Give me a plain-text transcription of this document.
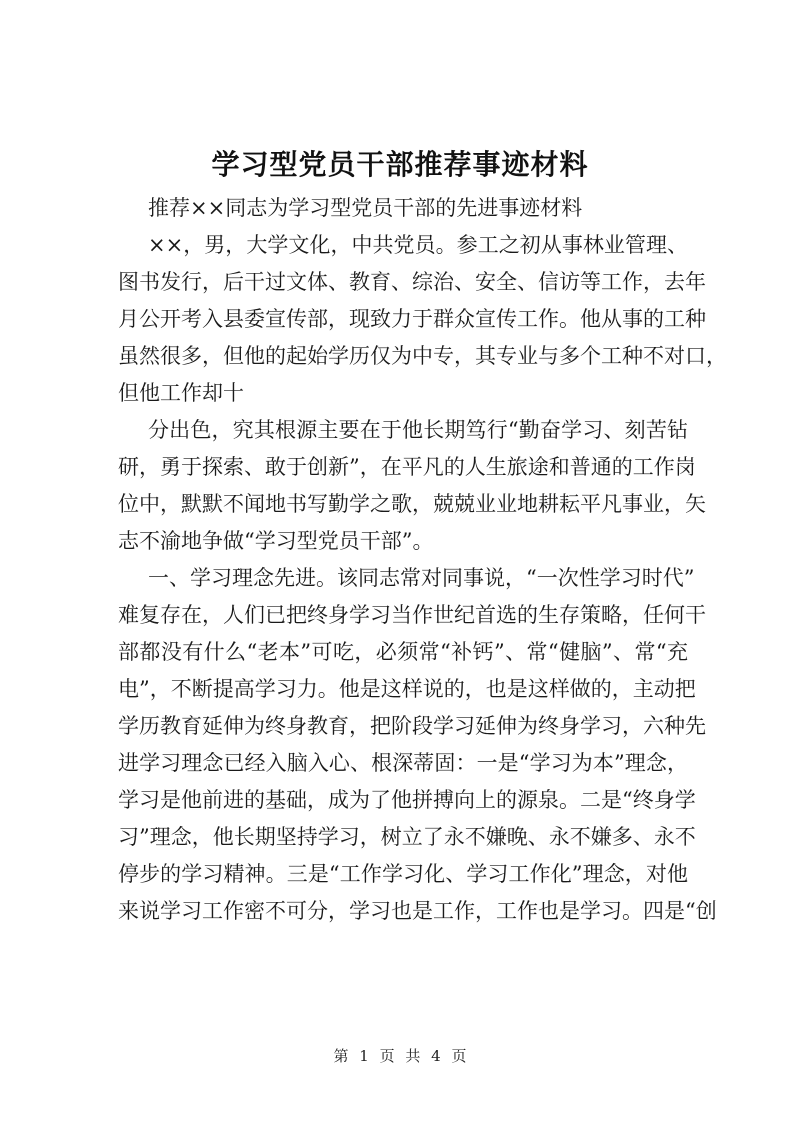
学习型党员干部推荐事迹材料
推荐××同志为学习型党员干部的先进事迹材料
××，男，大学文化，中共党员。参工之初从事林业管理、
图书发行，后干过文体、教育、综治、安全、信访等工作，去年
月公开考入县委宣传部，现致力于群众宣传工作。他从事的工种
虽然很多，但他的起始学历仅为中专，其专业与多个工种不对口，
但他工作却十
分出色，究其根源主要在于他长期笃行“勤奋学习、刻苦钻
研，勇于探索、敢于创新”，在平凡的人生旅途和普通的工作岗
位中，默默不闻地书写勤学之歌，兢兢业业地耕耘平凡事业，矢
志不渝地争做“学习型党员干部”。
一、学习理念先进。该同志常对同事说，“一次性学习时代”
难复存在，人们已把终身学习当作世纪首选的生存策略，任何干
部都没有什么“老本”可吃，必须常“补钙”、常“健脑”、常“充
电”，不断提高学习力。他是这样说的，也是这样做的，主动把
学历教育延伸为终身教育，把阶段学习延伸为终身学习，六种先
进学习理念已经入脑入心、根深蒂固：一是“学习为本”理念，
学习是他前进的基础，成为了他拼搏向上的源泉。二是“终身学
习”理念，他长期坚持学习，树立了永不嫌晚、永不嫌多、永不
停步的学习精神。三是“工作学习化、学习工作化”理念，对他
来说学习工作密不可分，学习也是工作，工作也是学习。四是“创
第 1 页 共 4 页
